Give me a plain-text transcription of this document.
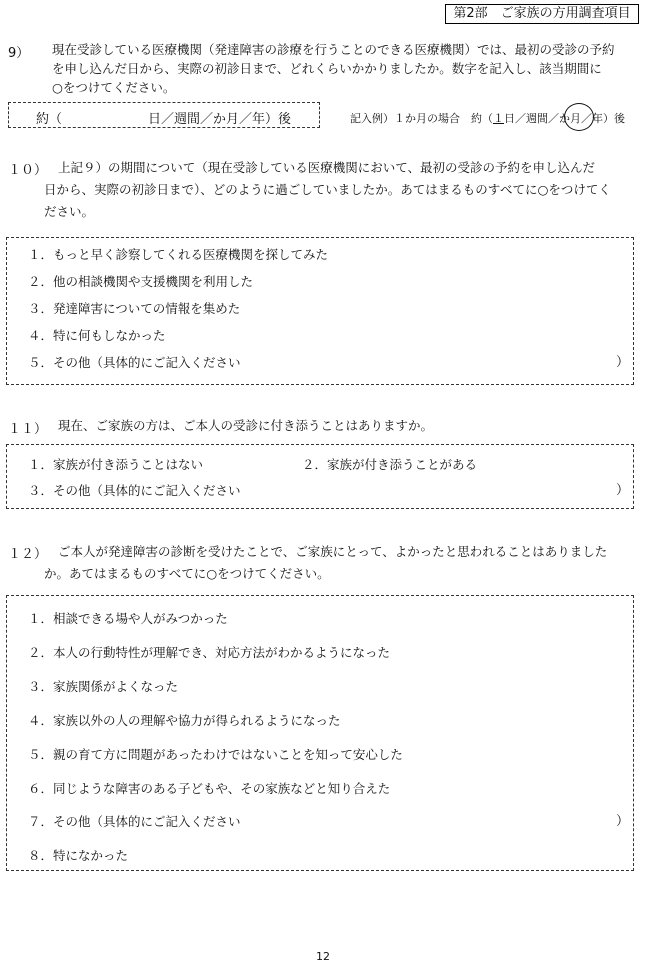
第2部　ご家族の方用調査項目
9） 現在受診している医療機関（発達障害の診療を行うことのできる医療機関）では、最初の受診の予約
を申し込んだ日から、実際の初診日まで、どれくらいかかりましたか。数字を記入し、該当期間に
○をつけてください。
約（	日／週間／か月／年）後	記入例）１か月の場合　約（１日／週間／か月／年）後
１０） 上記９）の期間について（現在受診している医療機関において、最初の受診の予約を申し込んだ
日から、実際の初診日まで）、どのように過ごしていましたか。あてはまるものすべてに○をつけてく
ださい。
１．もっと早く診察してくれる医療機関を探してみた
２．他の相談機関や支援機関を利用した
３．発達障害についての情報を集めた
４．特に何もしなかった
５．その他（具体的にご記入ください	）
１１） 現在、ご家族の方は、ご本人の受診に付き添うことはありますか。
１．家族が付き添うことはない	２．家族が付き添うことがある
３．その他（具体的にご記入ください	）
１２） ご本人が発達障害の診断を受けたことで、ご家族にとって、よかったと思われることはありました
か。あてはまるものすべてに○をつけてください。
１．相談できる場や人がみつかった
２．本人の行動特性が理解でき、対応方法がわかるようになった
３．家族関係がよくなった
４．家族以外の人の理解や協力が得られるようになった
５．親の育て方に問題があったわけではないことを知って安心した
６．同じような障害のある子どもや、その家族などと知り合えた
７．その他（具体的にご記入ください	）
８．特になかった
12
